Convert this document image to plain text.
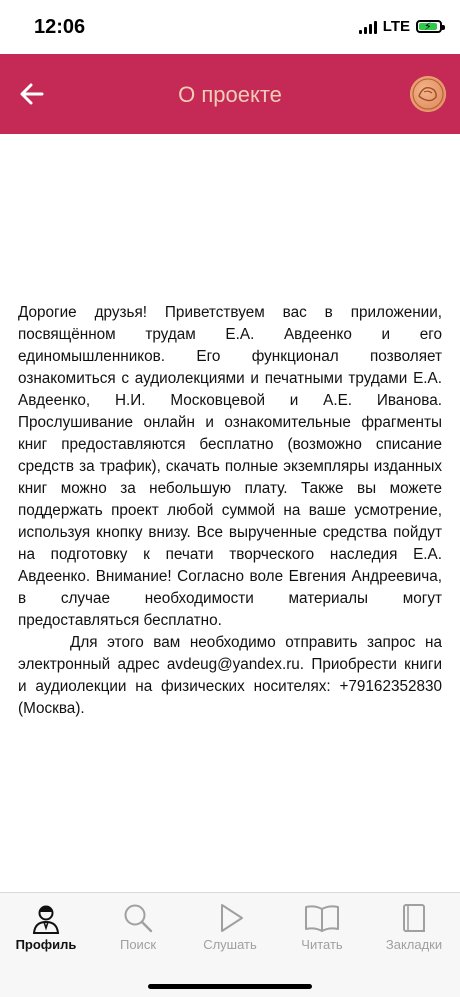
12:06	LTE ⚡
О проекте

Дорогие друзья! Приветствуем вас в приложении, посвящённом трудам Е.А. Авдеенко и его единомышленников. Его функционал позволяет ознакомиться с аудиолекциями и печатными трудами Е.А. Авдеенко, Н.И. Московцевой и А.Е. Иванова. Прослушивание онлайн и ознакомительные фрагменты книг предоставляются бесплатно (возможно списание средств за трафик), скачать полные экземпляры изданных книг можно за небольшую плату. Также вы можете поддержать проект любой суммой на ваше усмотрение, используя кнопку внизу. Все вырученные средства пойдут на подготовку к печати творческого наследия Е.А. Авдеенко. Внимание! Согласно воле Евгения Андреевича, в случае необходимости материалы могут предоставляться бесплатно.

Для этого вам необходимо отправить запрос на электронный адрес avdeug@yandex.ru. Приобрести книги и аудиолекции на физических носителях: +79162352830 (Москва).

Профиль	Поиск	Слушать	Читать	Закладки
